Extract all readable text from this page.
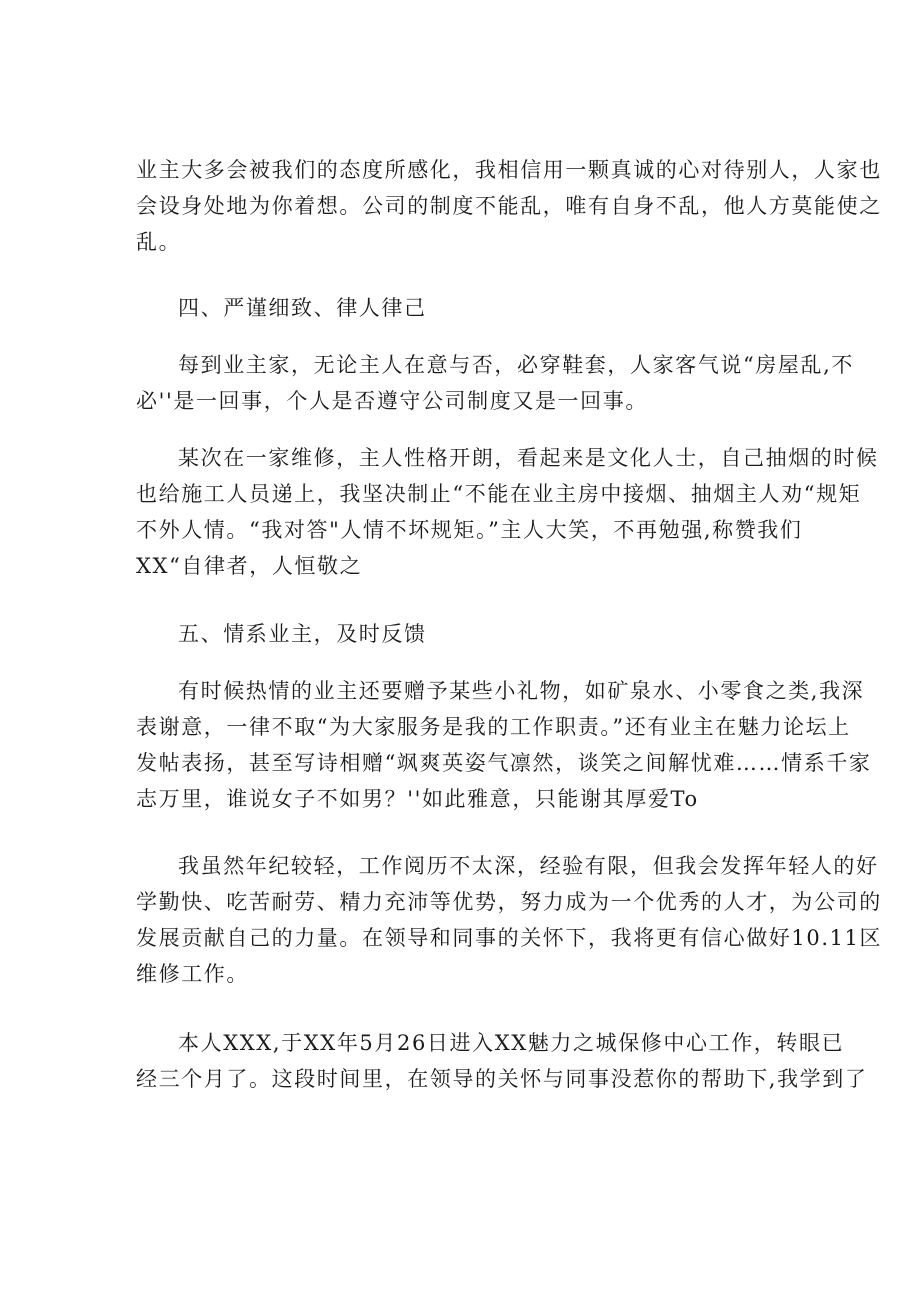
业主大多会被我们的态度所感化，我相信用一颗真诚的心对待别人，人家也
会设身处地为你着想。公司的制度不能乱，唯有自身不乱，他人方莫能使之
乱。
四、严谨细致、律人律己
每到业主家，无论主人在意与否，必穿鞋套，人家客气说“房屋乱,不
必''是一回事，个人是否遵守公司制度又是一回事。
某次在一家维修，主人性格开朗，看起来是文化人士，自己抽烟的时候
也给施工人员递上，我坚决制止“不能在业主房中接烟、抽烟主人劝“规矩
不外人情。“我对答"人情不坏规矩。”主人大笑，不再勉强,称赞我们
XX“自律者，人恒敬之
五、情系业主，及时反馈
有时候热情的业主还要赠予某些小礼物，如矿泉水、小零食之类,我深
表谢意，一律不取“为大家服务是我的工作职责。”还有业主在魅力论坛上
发帖表扬，甚至写诗相赠“飒爽英姿气凛然，谈笑之间解忧难……情系千家
志万里，谁说女子不如男？''如此雅意，只能谢其厚爱To
我虽然年纪较轻，工作阅历不太深，经验有限，但我会发挥年轻人的好
学勤快、吃苦耐劳、精力充沛等优势，努力成为一个优秀的人才，为公司的
发展贡献自己的力量。在领导和同事的关怀下，我将更有信心做好10.11区
维修工作。
本人XXX,于XX年5月26日进入XX魅力之城保修中心工作，转眼已
经三个月了。这段时间里，在领导的关怀与同事没惹你的帮助下,我学到了
